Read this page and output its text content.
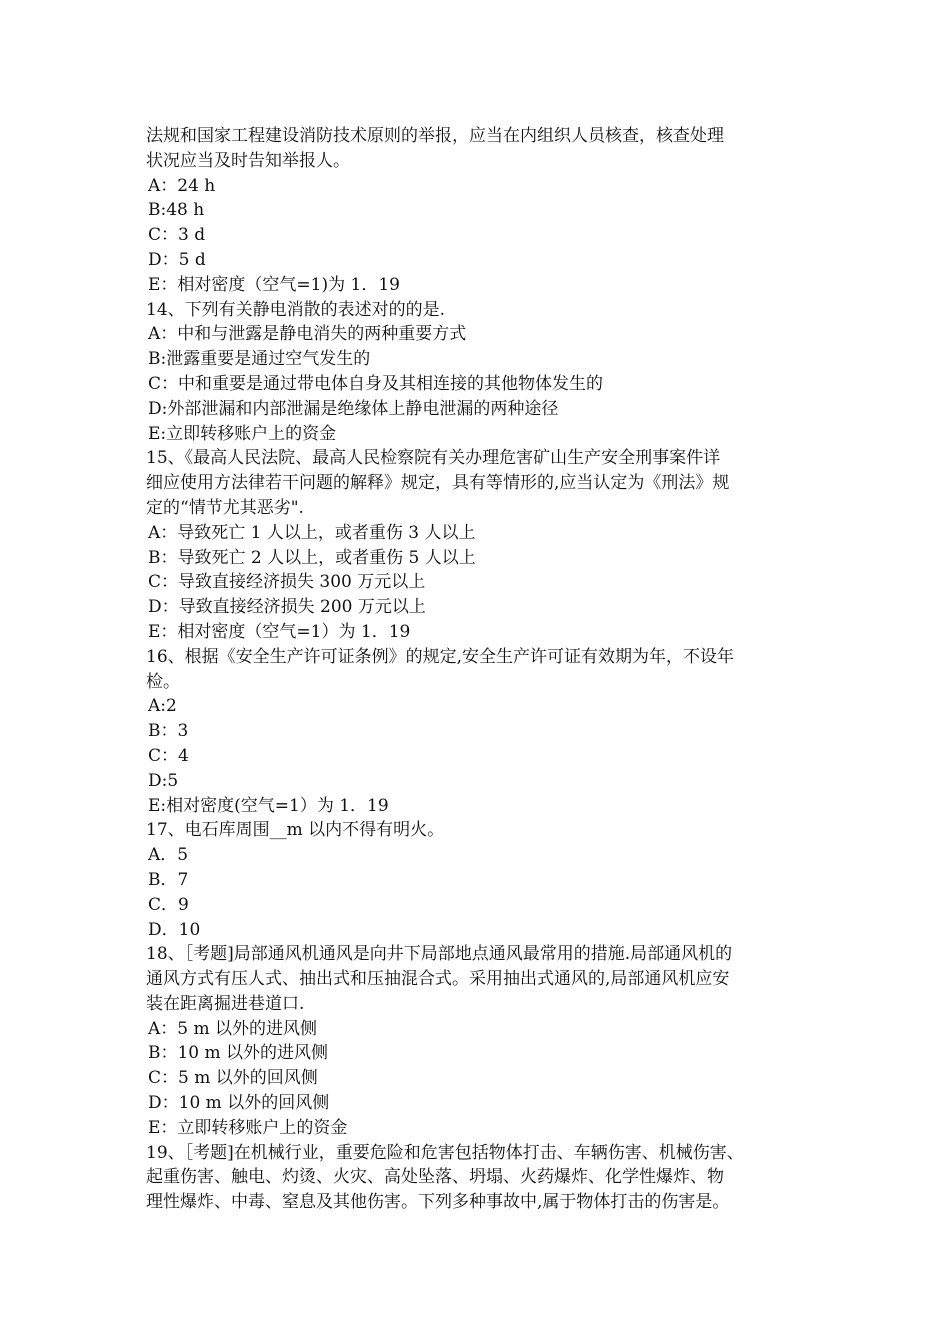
法规和国家工程建设消防技术原则的举报，应当在内组织人员核查，核查处理
状况应当及时告知举报人。
A：24 h
B:48 h
C：3 d
D：5 d
E：相对密度（空气=1)为 1．19
14、下列有关静电消散的表述对的的是.
A：中和与泄露是静电消失的两种重要方式
B:泄露重要是通过空气发生的
C：中和重要是通过带电体自身及其相连接的其他物体发生的
D:外部泄漏和内部泄漏是绝缘体上静电泄漏的两种途径
E:立即转移账户上的资金
15、《最高人民法院、最高人民检察院有关办理危害矿山生产安全刑事案件详
细应使用方法律若干问题的解释》规定，具有等情形的,应当认定为《刑法》规
定的“情节尤其恶劣".
A：导致死亡 1 人以上，或者重伤 3 人以上
B：导致死亡 2 人以上，或者重伤 5 人以上
C：导致直接经济损失 300 万元以上
D：导致直接经济损失 200 万元以上
E：相对密度（空气=1）为 1．19
16、根据《安全生产许可证条例》的规定,安全生产许可证有效期为年，不设年
检。
A:2
B：3
C：4
D:5
E:相对密度(空气=1）为 1．19
17、电石库周围__m 以内不得有明火。
A．5
B．7
C．9
D．10
18、［考题]局部通风机通风是向井下局部地点通风最常用的措施.局部通风机的
通风方式有压人式、抽出式和压抽混合式。采用抽出式通风的,局部通风机应安
装在距离掘进巷道口.
A：5 m 以外的进风侧
B：10 m 以外的进风侧
C：5 m 以外的回风侧
D：10 m 以外的回风侧
E：立即转移账户上的资金
19、［考题]在机械行业，重要危险和危害包括物体打击、车辆伤害、机械伤害、
起重伤害、触电、灼烫、火灾、高处坠落、坍塌、火药爆炸、化学性爆炸、物
理性爆炸、中毒、窒息及其他伤害。下列多种事故中,属于物体打击的伤害是。
